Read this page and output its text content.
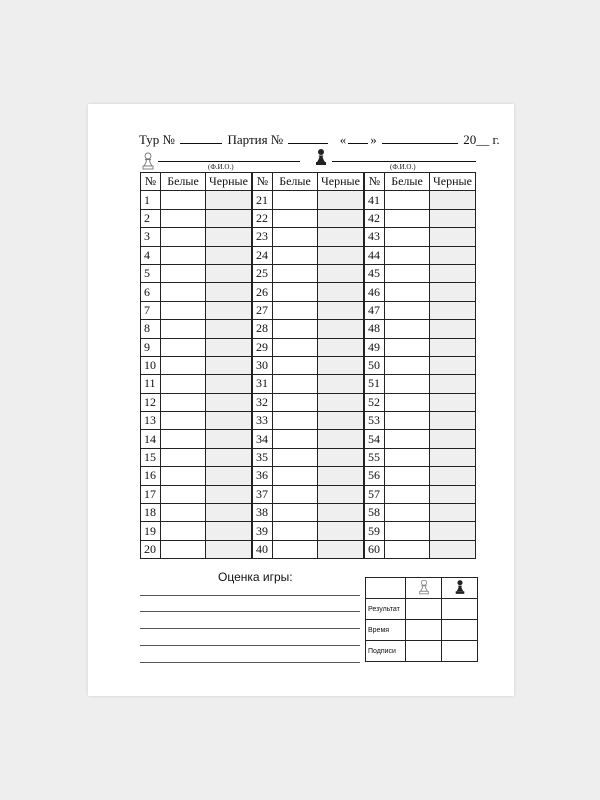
Тур №	Партия №	« »	20__ г.
(Ф.И.О.)	(Ф.И.О.)
№	Белые	Черные
1		
2		
3		
4		
5		
6		
7		
8		
9		
10		
11		
12		
13		
14		
15		
16		
17		
18		
19		
20		
№	Белые	Черные
21		
22		
23		
24		
25		
26		
27		
28		
29		
30		
31		
32		
33		
34		
35		
36		
37		
38		
39		
40		
№	Белые	Черные
41		
42		
43		
44		
45		
46		
47		
48		
49		
50		
51		
52		
53		
54		
55		
56		
57		
58		
59		
60		
Оценка игры:

Результат		
Время		
Подписи		
